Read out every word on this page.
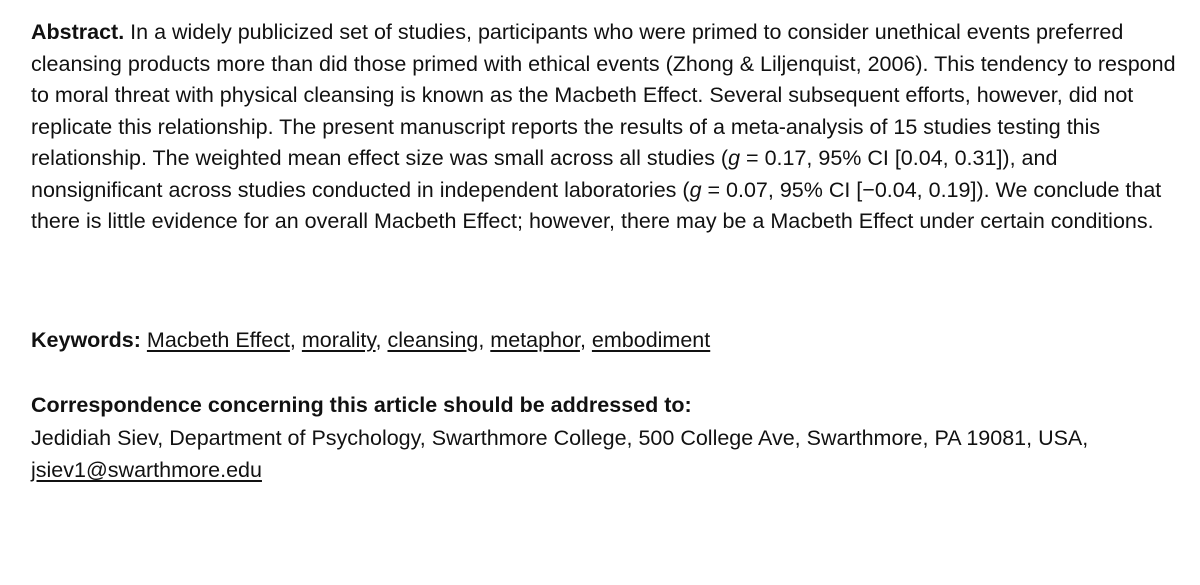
Abstract. In a widely publicized set of studies, participants who were primed to consider unethical events preferred cleansing products more than did those primed with ethical events (Zhong & Liljenquist, 2006). This tendency to respond to moral threat with physical cleansing is known as the Macbeth Effect. Several subsequent efforts, however, did not replicate this relationship. The present manuscript reports the results of a meta-analysis of 15 studies testing this relationship. The weighted mean effect size was small across all studies (g = 0.17, 95% CI [0.04, 0.31]), and nonsignificant across studies conducted in independent laboratories (g = 0.07, 95% CI [−0.04, 0.19]). We conclude that there is little evidence for an overall Macbeth Effect; however, there may be a Macbeth Effect under certain conditions.

Keywords: Macbeth Effect, morality, cleansing, metaphor, embodiment

Correspondence concerning this article should be addressed to:

Jedidiah Siev, Department of Psychology, Swarthmore College, 500 College Ave, Swarthmore, PA 19081, USA, jsiev1@swarthmore.edu
